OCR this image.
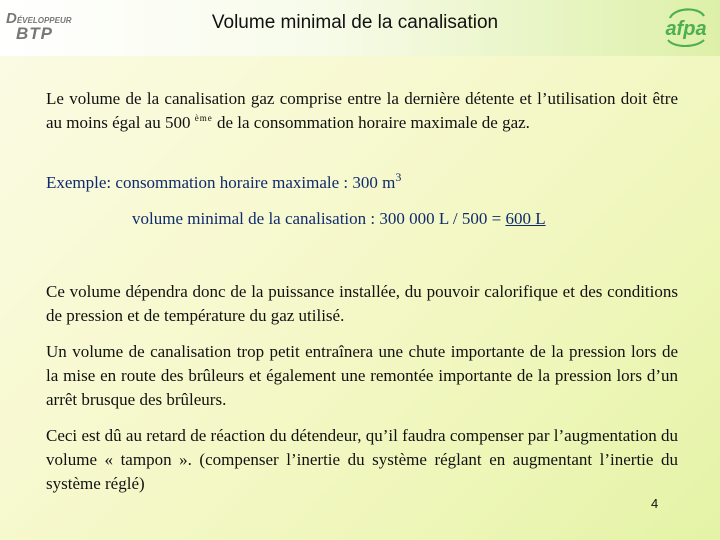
DÉVELOPPEUR
BTP
Volume minimal de la canalisation	afpa

Le volume de la canalisation gaz comprise entre la dernière détente et l’utilisation doit être au moins égal au 500 $^{ème}$ de la consommation horaire maximale de gaz.

Exemple: consommation horaire maximale : 300 $m^3$

volume minimal de la canalisation : 300 000 L / 500 = 600 L

Ce volume dépendra donc de la puissance installée, du pouvoir calorifique et des conditions de pression et de température du gaz utilisé.

Un volume de canalisation trop petit entraînera une chute importante de la pression lors de la mise en route des brûleurs et également une remontée importante de la pression lors d’un arrêt brusque des brûleurs.

Ceci est dû au retard de réaction du détendeur, qu’il faudra compenser par l’augmentation du volume « tampon ». (compenser l’inertie du système réglant en augmentant l’inertie du système réglé)

4
